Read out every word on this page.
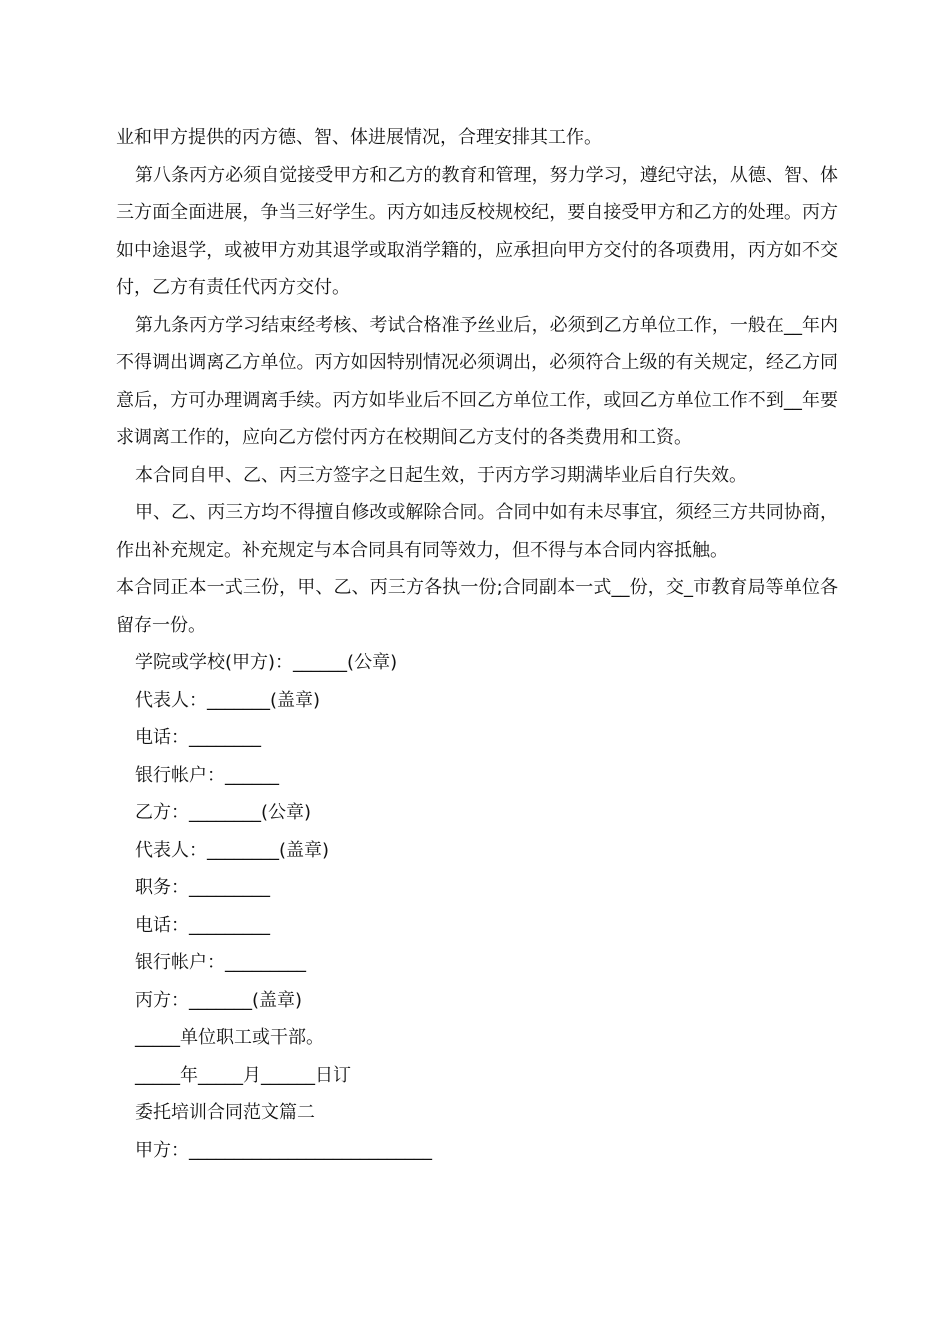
业和甲方提供的丙方德、智、体进展情况，合理安排其工作。

第八条丙方必须自觉接受甲方和乙方的教育和管理，努力学习，遵纪守法，从德、智、体三方面全面进展，争当三好学生。丙方如违反校规校纪，要自接受甲方和乙方的处理。丙方如中途退学，或被甲方劝其退学或取消学籍的，应承担向甲方交付的各项费用，丙方如不交付，乙方有责任代丙方交付。

第九条丙方学习结束经考核、考试合格准予丝业后，必须到乙方单位工作，一般在__年内不得调出调离乙方单位。丙方如因特别情况必须调出，必须符合上级的有关规定，经乙方同意后，方可办理调离手续。丙方如毕业后不回乙方单位工作，或回乙方单位工作不到__年要求调离工作的，应向乙方偿付丙方在校期间乙方支付的各类费用和工资。

本合同自甲、乙、丙三方签字之日起生效，于丙方学习期满毕业后自行失效。

甲、乙、丙三方均不得擅自修改或解除合同。合同中如有未尽事宜，须经三方共同协商，作出补充规定。补充规定与本合同具有同等效力，但不得与本合同内容抵触。

本合同正本一式三份，甲、乙、丙三方各执一份;合同副本一式__份，交_市教育局等单位各留存一份。

学院或学校(甲方)：______(公章)

代表人：_______(盖章)

电话：________

银行帐户：______

乙方：________(公章)

代表人：________(盖章)

职务：_________

电话：_________

银行帐户：_________

丙方：_______(盖章)

_____单位职工或干部。

_____年_____月______日订

委托培训合同范文篇二

甲方：___________________________
